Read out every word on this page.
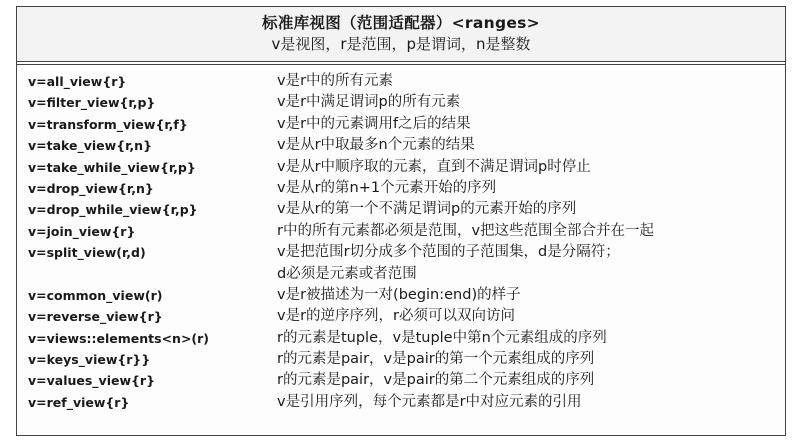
标准库视图（范围适配器）<ranges>
v是视图，r是范围，p是谓词，n是整数
v=all_view{r}	v是r中的所有元素
v=filter_view{r,p}	v是r中满足谓词p的所有元素
v=transform_view{r,f}	v是r中的元素调用f之后的结果
v=take_view{r,n}	v是从r中取最多n个元素的结果
v=take_while_view{r,p}	v是从r中顺序取的元素，直到不满足谓词p时停止
v=drop_view{r,n}	v是从r的第n+1个元素开始的序列
v=drop_while_view{r,p}	v是从r的第一个不满足谓词p的元素开始的序列
v=join_view{r}	r中的所有元素都必须是范围，v把这些范围全部合并在一起
v=split_view(r,d)	v是把范围r切分成多个范围的子范围集，d是分隔符；
d必须是元素或者范围
v=common_view(r)	v是r被描述为一对(begin:end)的样子
v=reverse_view{r}	v是r的逆序序列，r必须可以双向访问
v=views::elements<n>(r)	r的元素是tuple，v是tuple中第n个元素组成的序列
v=keys_view{r}}	r的元素是pair，v是pair的第一个元素组成的序列
v=values_view{r}	r的元素是pair，v是pair的第二个元素组成的序列
v=ref_view{r}	v是引用序列，每个元素都是r中对应元素的引用
